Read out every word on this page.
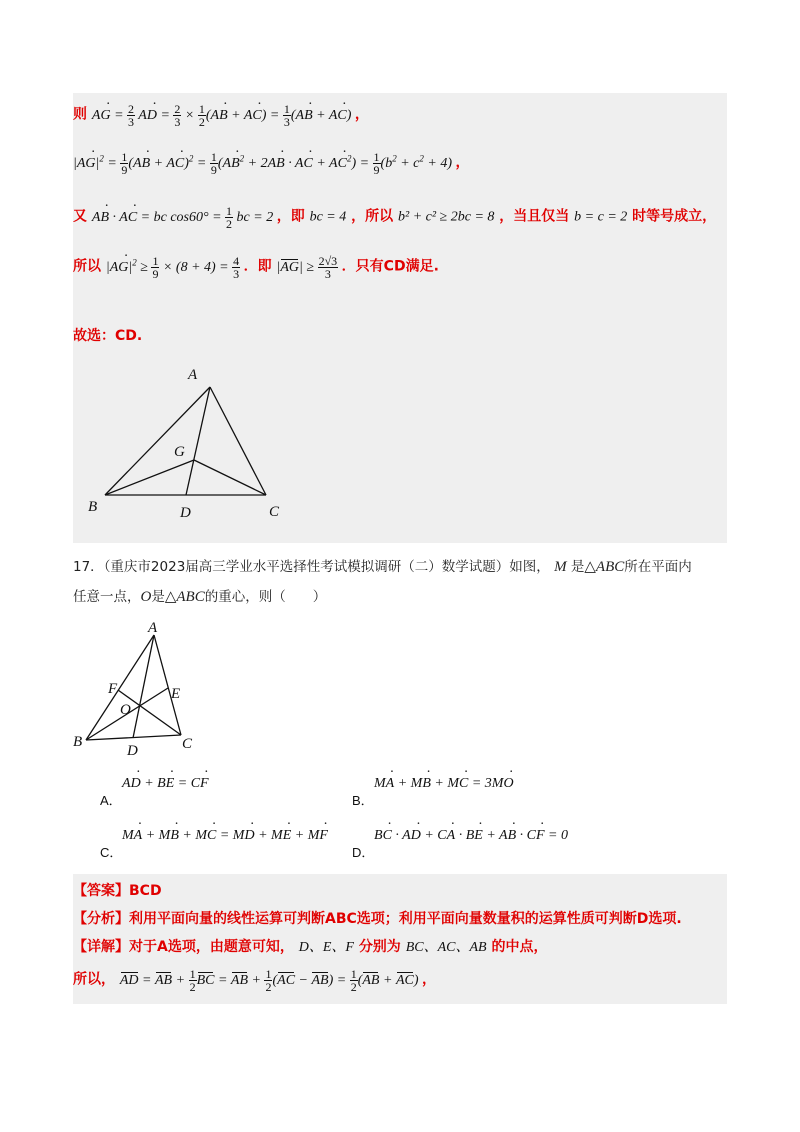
则 AG · = $\frac{2}{3}$ AD · = $\frac{2}{3} \times \frac{1}{2} (AB$ · + AC ·) = $\frac{1}{3} (AB$ · + AC ·) ，
$|AG \cdot|^2 = \frac{1}{9} (AB$ · + AC $\cdot)^2 = \frac{1}{9} (AB \cdot^2 + 2AB$ · · AC · + AC $\cdot^2) = \frac{1}{9} (b^2 + c^2 + 4)$ ，
又 AB · · AC · = bc $\cos 60^\circ = \frac{1}{2}$ bc = 2 ，即 bc = 4 ，所以 b² + c² ≥ 2bc = 8 ，当且仅当 b = c = 2 时等号成立，
所以 $|AG \cdot|^2 \ge \frac{1}{9} \times (8 + 4) = \frac{4}{3}$ ．即 $|AG| \ge \frac{2√3}{3}$ ．只有CD满足.
故选：CD.
A
B	C
D
G
17．（重庆市2023届高三学业水平选择性考试模拟调研（二）数学试题）如图， M 是△ABC所在平面内
任意一点，O是△ABC的重心，则（　　）
A
B	C
D
E
F
O
A．
AD · + BE · = CF ·
B．
MA · + MB · + MC · = 3MO ·
C．
MA · + MB · + MC · = MD · + ME · + MF ·
D．
BC · · AD · + CA · · BE · + AB · · CF · = 0
【答案】BCD
【分析】利用平面向量的线性运算可判断ABC选项；利用平面向量数量积的运算性质可判断D选项.
【详解】对于A选项，由题意可知， D、E、F 分别为 BC、AC、AB 的中点，
所以， AD = AB + $\frac{1}{2}$ BC = AB + $\frac{1}{2} (AC - AB) = \frac{1}{2} (AB + AC)$ ，
